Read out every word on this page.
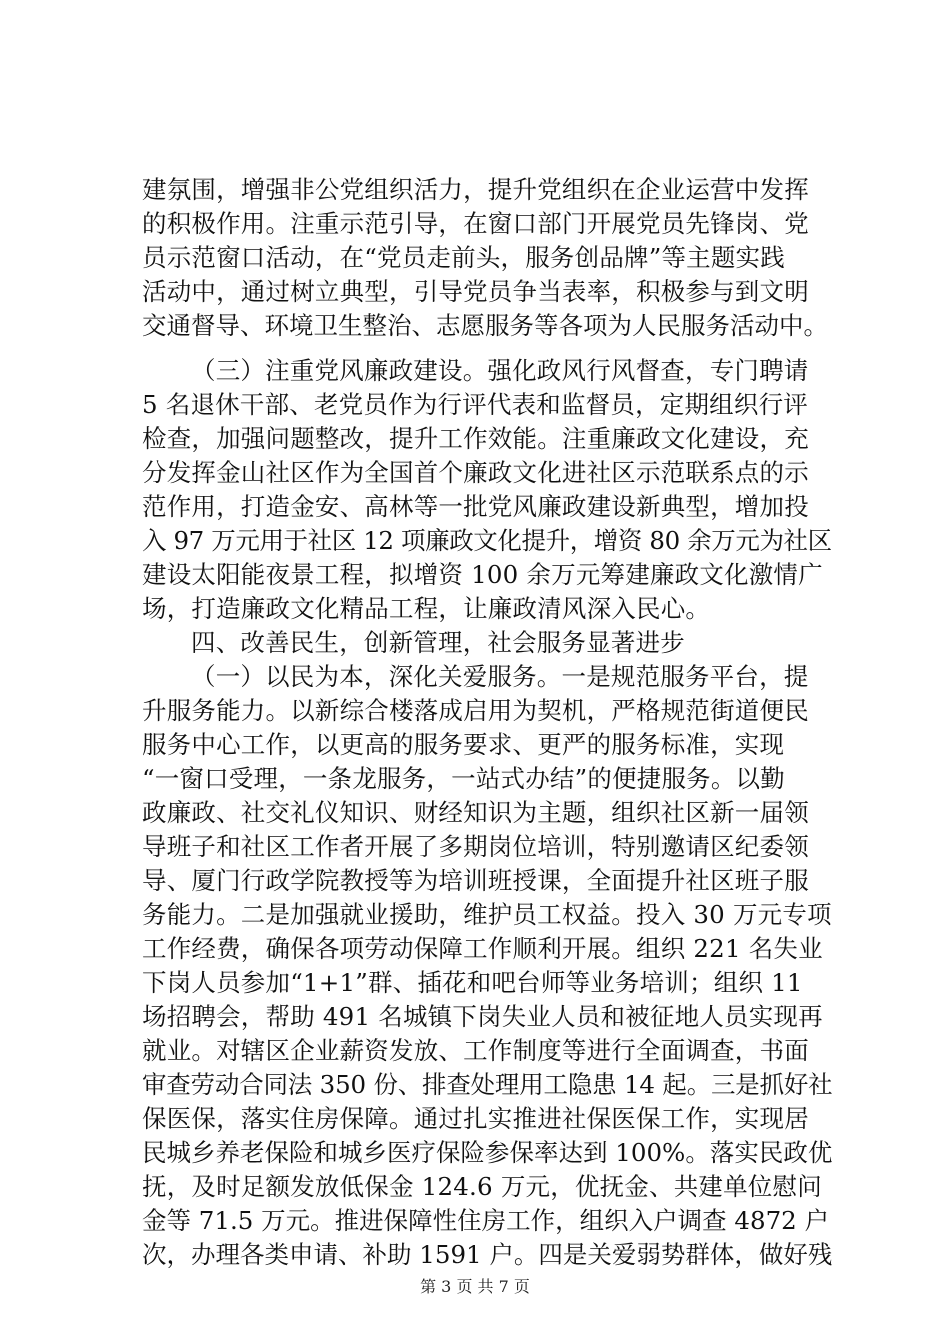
建氛围，增强非公党组织活力，提升党组织在企业运营中发挥
的积极作用。注重示范引导，在窗口部门开展党员先锋岗、党
员示范窗口活动，在“党员走前头，服务创品牌”等主题实践
活动中，通过树立典型，引导党员争当表率，积极参与到文明
交通督导、环境卫生整治、志愿服务等各项为人民服务活动中。
（三）注重党风廉政建设。强化政风行风督查，专门聘请
5 名退休干部、老党员作为行评代表和监督员，定期组织行评
检查，加强问题整改，提升工作效能。注重廉政文化建设，充
分发挥金山社区作为全国首个廉政文化进社区示范联系点的示
范作用，打造金安、高林等一批党风廉政建设新典型，增加投
入 97 万元用于社区 12 项廉政文化提升，增资 80 余万元为社区
建设太阳能夜景工程，拟增资 100 余万元筹建廉政文化激情广
场，打造廉政文化精品工程，让廉政清风深入民心。
四、改善民生，创新管理，社会服务显著进步
（一）以民为本，深化关爱服务。一是规范服务平台，提
升服务能力。以新综合楼落成启用为契机，严格规范街道便民
服务中心工作，以更高的服务要求、更严的服务标准，实现
“一窗口受理，一条龙服务，一站式办结”的便捷服务。以勤
政廉政、社交礼仪知识、财经知识为主题，组织社区新一届领
导班子和社区工作者开展了多期岗位培训，特别邀请区纪委领
导、厦门行政学院教授等为培训班授课，全面提升社区班子服
务能力。二是加强就业援助，维护员工权益。投入 30 万元专项
工作经费，确保各项劳动保障工作顺利开展。组织 221 名失业
下岗人员参加“1+1”群、插花和吧台师等业务培训；组织 11
场招聘会，帮助 491 名城镇下岗失业人员和被征地人员实现再
就业。对辖区企业薪资发放、工作制度等进行全面调查，书面
审查劳动合同法 350 份、排查处理用工隐患 14 起。三是抓好社
保医保，落实住房保障。通过扎实推进社保医保工作，实现居
民城乡养老保险和城乡医疗保险参保率达到 100%。落实民政优
抚，及时足额发放低保金 124.6 万元，优抚金、共建单位慰问
金等 71.5 万元。推进保障性住房工作，组织入户调查 4872 户
次，办理各类申请、补助 1591 户。四是关爱弱势群体，做好残
第 3 页 共 7 页
